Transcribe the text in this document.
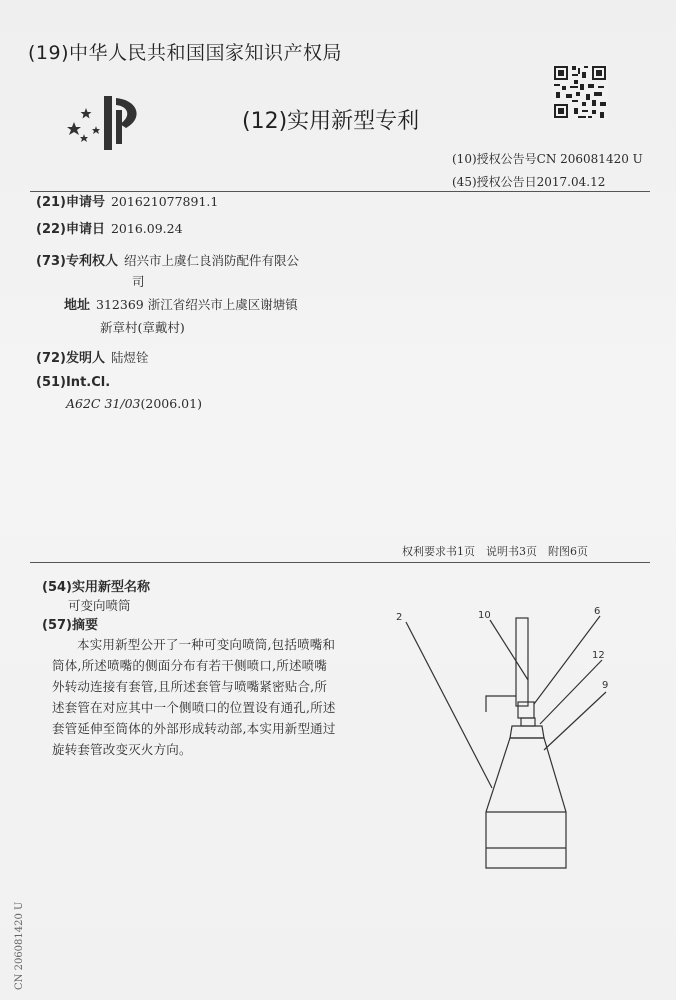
(19)中华人民共和国国家知识产权局
(12)实用新型专利
(10)授权公告号CN 206081420 U
(45)授权公告日2017.04.12
(21)申请号 201621077891.1
(22)申请日 2016.09.24
(73)专利权人 绍兴市上虞仁良消防配件有限公
司
地址 312369 浙江省绍兴市上虞区谢塘镇
新章村(章戴村)
(72)发明人 陆煜铨
(51)Int.Cl.
A62C 31/03(2006.01)
权利要求书1页　说明书3页　附图6页
(54)实用新型名称
可变向喷筒
(57)摘要
本实用新型公开了一种可变向喷筒,包括喷嘴和筒体,所述喷嘴的侧面分布有若干侧喷口,所述喷嘴外转动连接有套管,且所述套管与喷嘴紧密贴合,所述套管在对应其中一个侧喷口的位置设有通孔,所述套管延伸至筒体的外部形成转动部,本实用新型通过旋转套管改变灭火方向。
2	10	6
12
9
CN 206081420 U
